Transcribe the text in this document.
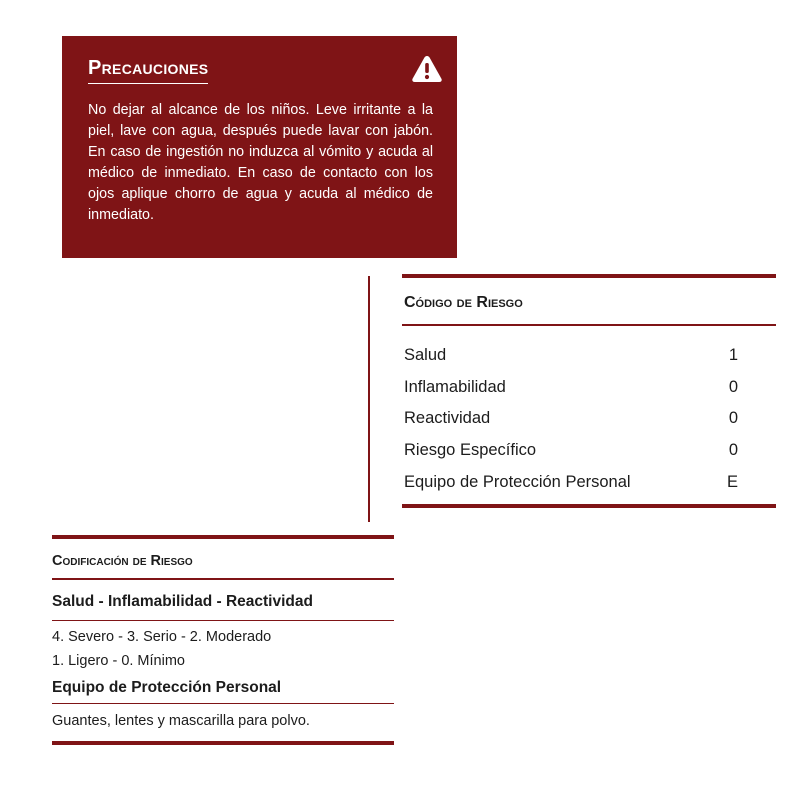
Precauciones
No dejar al alcance de los niños. Leve irritante a la piel, lave con agua, después puede lavar con jabón. En caso de ingestión no induzca al vómito y acuda al médico de inmediato. En caso de contacto con los ojos aplique chorro de agua y acuda al médico de inmediato.
Código de Riesgo
Salud	1
Inflamabilidad	0
Reactividad	0
Riesgo Específico	0
Equipo de Protección Personal	E
Codificación de Riesgo
Salud - Inflamabilidad - Reactividad
4. Severo - 3. Serio - 2. Moderado
1. Ligero - 0. Mínimo
Equipo de Protección Personal
Guantes, lentes y mascarilla para polvo.
